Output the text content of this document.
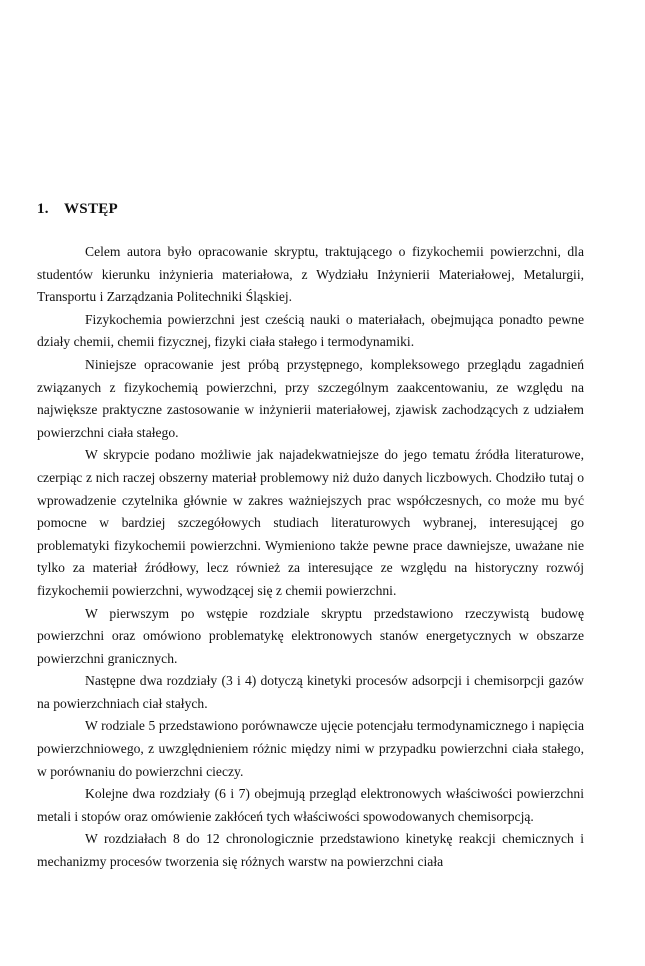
1. WSTĘP

Celem autora było opracowanie skryptu, traktującego o fizykochemii powierzchni, dla studentów kierunku inżynieria materiałowa, z Wydziału Inżynierii Materiałowej, Metalurgii, Transportu i Zarządzania Politechniki Śląskiej.

Fizykochemia powierzchni jest cześcią nauki o materiałach, obejmująca ponadto pewne działy chemii, chemii fizycznej, fizyki ciała stałego i termodynamiki.

Niniejsze opracowanie jest próbą przystępnego, kompleksowego przeglądu zagadnień związanych z fizykochemią powierzchni, przy szczególnym zaakcentowaniu, ze względu na największe praktyczne zastosowanie w inżynierii materiałowej, zjawisk zachodzących z udziałem powierzchni ciała stałego.

W skrypcie podano możliwie jak najadekwatniejsze do jego tematu źródła literaturowe, czerpiąc z nich raczej obszerny materiał problemowy niż dużo danych liczbowych. Chodziło tutaj o wprowadzenie czytelnika głównie w zakres ważniejszych prac współczesnych, co może mu być pomocne w bardziej szczegółowych studiach literaturowych wybranej, interesującej go problematyki fizykochemii powierzchni. Wymieniono także pewne prace dawniejsze, uważane nie tylko za materiał źródłowy, lecz również za interesujące ze względu na historyczny rozwój fizykochemii powierzchni, wywodzącej się z chemii powierzchni.

W pierwszym po wstępie rozdziale skryptu przedstawiono rzeczywistą budowę powierzchni oraz omówiono problematykę elektronowych stanów energetycznych w obszarze powierzchni granicznych.

Następne dwa rozdziały (3 i 4) dotyczą kinetyki procesów adsorpcji i chemisorpcji gazów na powierzchniach ciał stałych.

W rodziale 5 przedstawiono porównawcze ujęcie potencjału termodynamicznego i napięcia powierzchniowego, z uwzględnieniem różnic między nimi w przypadku powierzchni ciała stałego, w porównaniu do powierzchni cieczy.

Kolejne dwa rozdziały (6 i 7) obejmują przegląd elektronowych właściwości powierzchni metali i stopów oraz omówienie zakłóceń tych właściwości spowodowanych chemisorpcją.

W rozdziałach 8 do 12 chronologicznie przedstawiono kinetykę reakcji chemicznych i mechanizmy procesów tworzenia się różnych warstw na powierzchni ciała
